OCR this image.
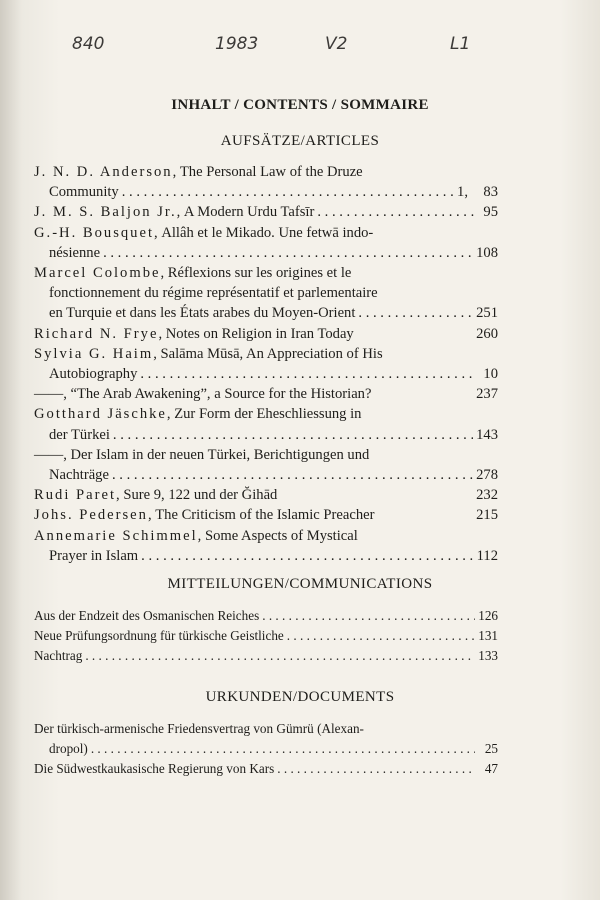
840	1983	V2	L1
INHALT / CONTENTS / SOMMAIRE
AUFSÄTZE/ARTICLES
J. N. D. Anderson , The Personal Law of the Druze
Community . . .	1,	83
J. M. S. Baljon Jr. , A Modern Urdu Tafsīr . . .	95
G.-H. Bousquet , Allâh et le Mikado. Une fetwā indo-
nésienne . . .	108
Marcel Colombe , Réflexions sur les origines et le
fonctionnement du régime représentatif et parlementaire
en Turquie et dans les États arabes du Moyen-Orient . . .	251
Richard N. Frye , Notes on Religion in Iran Today	260
Sylvia G. Haim , Salāma Mūsā, An Appreciation of His
Autobiography . . .	10
—— , “The Arab Awakening”, a Source for the Historian?	237
Gotthard Jäschke , Zur Form der Eheschliessung in
der Türkei . . .	143
—— , Der Islam in der neuen Türkei, Berichtigungen und
Nachträge . . .	278
Rudi Paret , Sure 9, 122 und der Ğihād	232
Johs. Pedersen , The Criticism of the Islamic Preacher	215
Annemarie Schimmel , Some Aspects of Mystical
Prayer in Islam . . .	112
MITTEILUNGEN/COMMUNICATIONS
Aus der Endzeit des Osmanischen Reiches . . .	126
Neue Prüfungsordnung für türkische Geistliche . . .	131
Nachtrag . . .	133
URKUNDEN/DOCUMENTS
Der türkisch-armenische Friedensvertrag von Gümrü (Alexan-
dropol) . . .	25
Die Südwestkaukasische Regierung von Kars . . .	47
